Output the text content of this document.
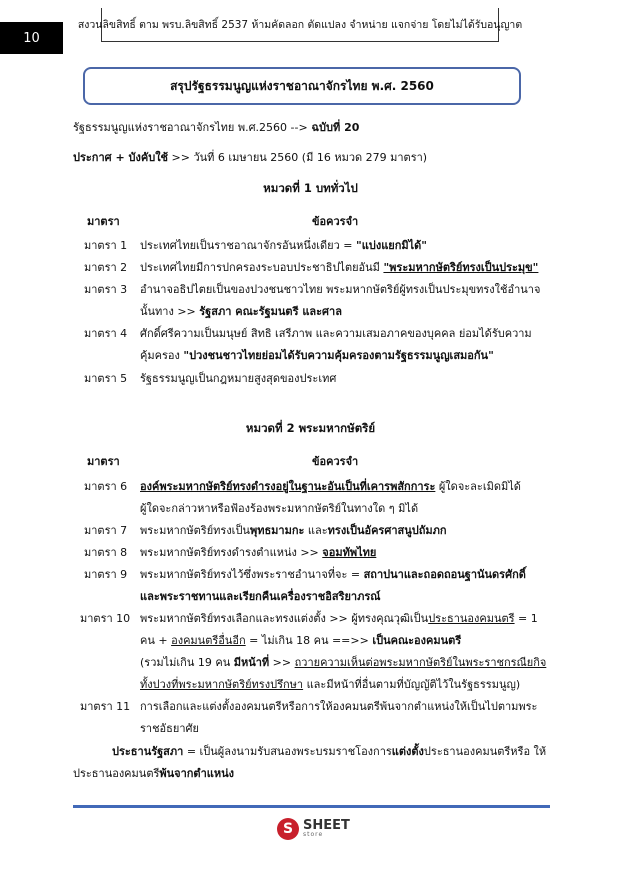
10
สงวนลิขสิทธิ์ ตาม พรบ.ลิขสิทธิ์ 2537 ห้ามคัดลอก ตัดแปลง จำหน่าย แจกจ่าย โดยไม่ได้รับอนุญาต
สรุปรัฐธรรมนูญแห่งราชอาณาจักรไทย พ.ศ. 2560
รัฐธรรมนูญแห่งราชอาณาจักรไทย พ.ศ.2560 --> ฉบับที่ 20
ประกาศ + บังคับใช้ >> วันที่ 6 เมษายน 2560 (มี 16 หมวด 279 มาตรา)
หมวดที่ 1 บททั่วไป
มาตรา	ข้อควรจำ
มาตรา 1 ประเทศไทยเป็นราชอาณาจักรอันหนึ่งเดียว = "แบ่งแยกมิได้"
มาตรา 2 ประเทศไทยมีการปกครองระบอบประชาธิปไตยอันมี "พระมหากษัตริย์ทรงเป็นประมุข"
มาตรา 3 อำนาจอธิปไตยเป็นของปวงชนชาวไทย พระมหากษัตริย์ผู้ทรงเป็นประมุขทรงใช้อำนาจ
นั้นทาง >> รัฐสภา คณะรัฐมนตรี และศาล
มาตรา 4 ศักดิ์ศรีความเป็นมนุษย์ สิทธิ เสรีภาพ และความเสมอภาคของบุคคล ย่อมได้รับความ
คุ้มครอง "ปวงชนชาวไทยย่อมได้รับความคุ้มครองตามรัฐธรรมนูญเสมอกัน"
มาตรา 5 รัฐธรรมนูญเป็นกฎหมายสูงสุดของประเทศ
หมวดที่ 2 พระมหากษัตริย์
มาตรา	ข้อควรจำ
มาตรา 6 องค์พระมหากษัตริย์ทรงดำรงอยู่ในฐานะอันเป็นที่เคารพสักการะ ผู้ใดจะละเมิดมิได้
ผู้ใดจะกล่าวหาหรือฟ้องร้องพระมหากษัตริย์ในทางใด ๆ มิได้
มาตรา 7 พระมหากษัตริย์ทรงเป็นพุทธมามกะ และทรงเป็นอัครศาสนูปถัมภก
มาตรา 8 พระมหากษัตริย์ทรงดำรงตำแหน่ง >> จอมทัพไทย
มาตรา 9 พระมหากษัตริย์ทรงไว้ซึ่งพระราชอำนาจที่จะ = สถาปนาและถอดถอนฐานันดรศักดิ์
และพระราชทานและเรียกคืนเครื่องราชอิสริยาภรณ์
มาตรา 10 พระมหากษัตริย์ทรงเลือกและทรงแต่งตั้ง >> ผู้ทรงคุณวุฒิเป็นประธานองคมนตรี = 1
คน + องคมนตรีอื่นอีก = ไม่เกิน 18 คน ==>> เป็นคณะองคมนตรี
(รวมไม่เกิน 19 คน มีหน้าที่ >> ถวายความเห็นต่อพระมหากษัตริย์ในพระราชกรณียกิจ
ทั้งปวงที่พระมหากษัตริย์ทรงปรึกษา และมีหน้าที่อื่นตามที่บัญญัติไว้ในรัฐธรรมนูญ)
มาตรา 11 การเลือกและแต่งตั้งองคมนตรีหรือการให้องคมนตรีพ้นจากตำแหน่งให้เป็นไปตามพระ
ราชอัธยาศัย
ประธานรัฐสภา = เป็นผู้ลงนามรับสนองพระบรมราชโองการแต่งตั้งประธานองคมนตรีหรือ ให้
ประธานองคมนตรีพ้นจากตำแหน่ง
S SHEET
store
